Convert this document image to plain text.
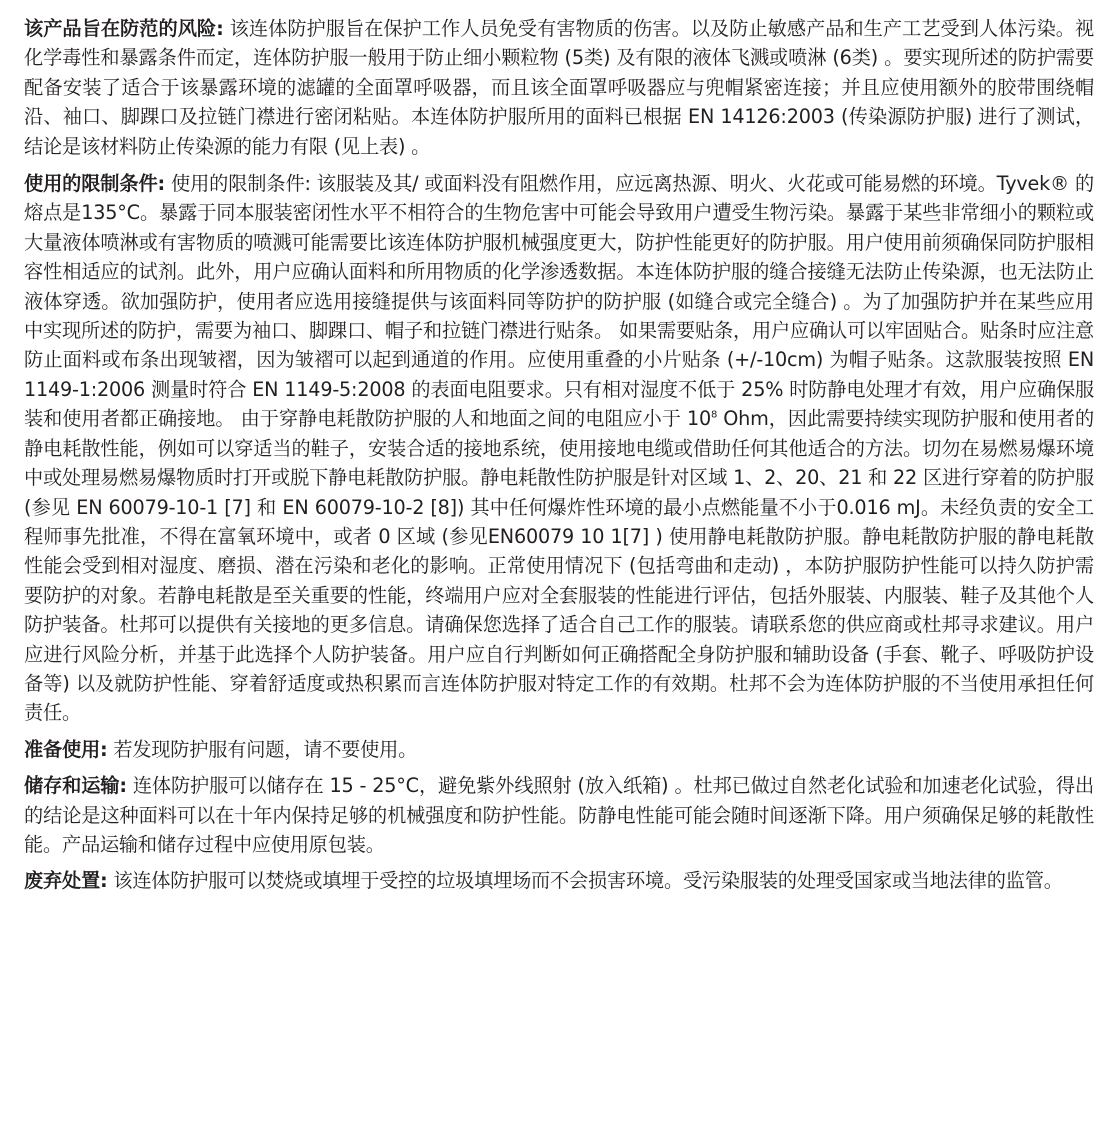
该产品旨在防范的风险: 该连体防护服旨在保护工作人员免受有害物质的伤害。以及防止敏感产品和生产工艺受到人体污染。视化学毒性和暴露条件而定，连体防护服一般用于防止细小颗粒物 (5类) 及有限的液体飞溅或喷淋 (6类) 。要实现所述的防护需要配备安装了适合于该暴露环境的滤罐的全面罩呼吸器，而且该全面罩呼吸器应与兜帽紧密连接；并且应使用额外的胶带围绕帽沿、袖口、脚踝口及拉链门襟进行密闭粘贴。本连体防护服所用的面料已根据 EN 14126:2003 (传染源防护服) 进行了测试，结论是该材料防止传染源的能力有限 (见上表) 。

使用的限制条件: 使用的限制条件: 该服装及其/ 或面料没有阻燃作用，应远离热源、明火、火花或可能易燃的环境。Tyvek® 的熔点是135°C。暴露于同本服装密闭性水平不相符合的生物危害中可能会导致用户遭受生物污染。暴露于某些非常细小的颗粒或大量液体喷淋或有害物质的喷溅可能需要比该连体防护服机械强度更大，防护性能更好的防护服。用户使用前须确保同防护服相容性相适应的试剂。此外，用户应确认面料和所用物质的化学渗透数据。本连体防护服的缝合接缝无法防止传染源，也无法防止液体穿透。欲加强防护，使用者应选用接缝提供与该面料同等防护的防护服 (如缝合或完全缝合) 。为了加强防护并在某些应用中实现所述的防护，需要为袖口、脚踝口、帽子和拉链门襟进行贴条。 如果需要贴条，用户应确认可以牢固贴合。贴条时应注意防止面料或布条出现皱褶，因为皱褶可以起到通道的作用。应使用重叠的小片贴条 (+/-10cm) 为帽子贴条。这款服装按照 EN 1149-1:2006 测量时符合 EN 1149-5:2008 的表面电阻要求。只有相对湿度不低于 25% 时防静电处理才有效，用户应确保服装和使用者都正确接地。 由于穿静电耗散防护服的人和地面之间的电阻应小于 $10^8$ Ohm，因此需要持续实现防护服和使用者的静电耗散性能，例如可以穿适当的鞋子，安装合适的接地系统，使用接地电缆或借助任何其他适合的方法。切勿在易燃易爆环境中或处理易燃易爆物质时打开或脱下静电耗散防护服。静电耗散性防护服是针对区域 1、2、20、21 和 22 区进行穿着的防护服 (参见 EN 60079-10-1 [7] 和 EN 60079-10-2 [8]) 其中任何爆炸性环境的最小点燃能量不小于0.016 mJ。未经负责的安全工程师事先批准，不得在富氧环境中，或者 0 区域 (参见EN60079 10 1[7] ) 使用静电耗散防护服。静电耗散防护服的静电耗散性能会受到相对湿度、磨损、潜在污染和老化的影响。正常使用情况下 (包括弯曲和走动) ，本防护服防护性能可以持久防护需要防护的对象。若静电耗散是至关重要的性能，终端用户应对全套服装的性能进行评估，包括外服装、内服装、鞋子及其他个人防护装备。杜邦可以提供有关接地的更多信息。请确保您选择了适合自己工作的服装。请联系您的供应商或杜邦寻求建议。用户应进行风险分析，并基于此选择个人防护装备。用户应自行判断如何正确搭配全身防护服和辅助设备 (手套、靴子、呼吸防护设备等) 以及就防护性能、穿着舒适度或热积累而言连体防护服对特定工作的有效期。杜邦不会为连体防护服的不当使用承担任何责任。

准备使用: 若发现防护服有问题，请不要使用。

储存和运输: 连体防护服可以储存在 15 - 25°C，避免紫外线照射 (放入纸箱) 。杜邦已做过自然老化试验和加速老化试验，得出的结论是这种面料可以在十年内保持足够的机械强度和防护性能。防静电性能可能会随时间逐渐下降。用户须确保足够的耗散性能。产品运输和储存过程中应使用原包装。

废弃处置: 该连体防护服可以焚烧或填埋于受控的垃圾填埋场而不会损害环境。受污染服装的处理受国家或当地法律的监管。
